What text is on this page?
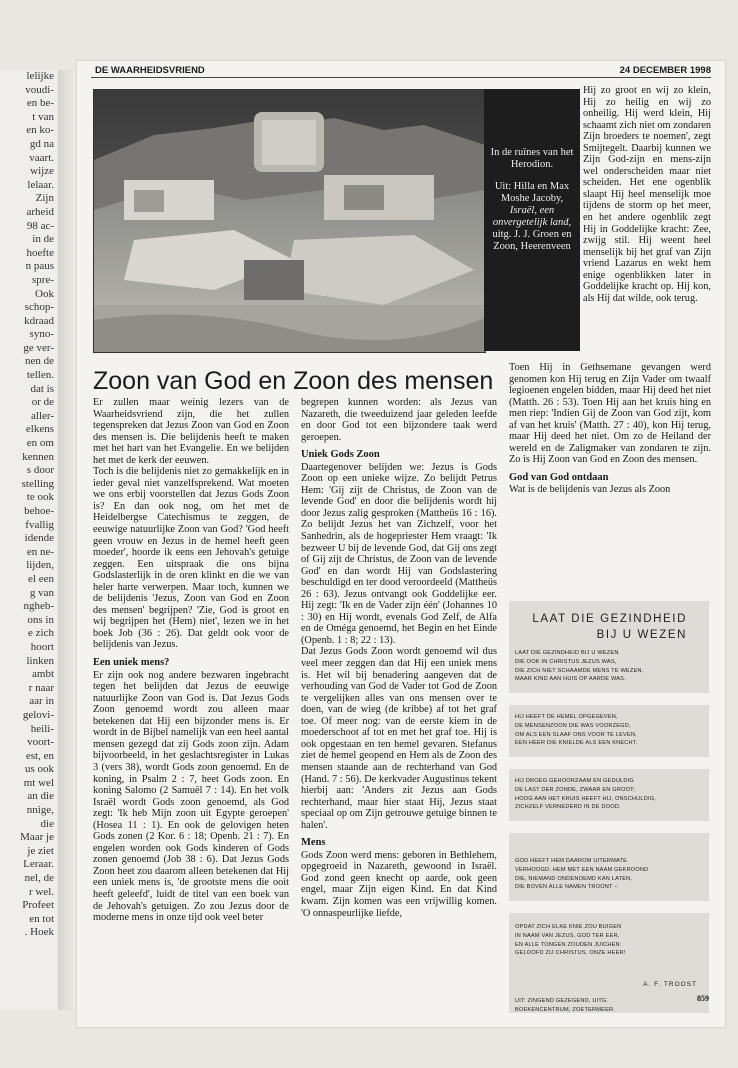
lelijke

voudi-

en be-

t van

en ko-

gd na

vaart.

wijze

lelaar.

Zijn

arheid

98 ac-

in de

hoefte

n paus

spre-

Ook

schop-

kdraad

syno-

ge ver-

nen de

tellen.

dat is

or de

aller-

elkens

en om

kennen

s door

stelling

te ook

behoe-

fvallig

idende

en ne-

lijden,

el een

g van

ngheb-

ons in

e zich

hoort

linken

ambt

r naar

aar in

gelovi-

heili-

voort-

est, en

us ook

mt wel

an die

nnige,

die

Maar je

je ziet

Leraar.

nel, de

r wel.

Profeet

en tot

. Hoek

DE WAARHEIDSVRIEND	24 DECEMBER 1998

In de ruïnes van het Herodion.

Uit: Hilla en Max Moshe Jacoby,
Israël, een onvergetelijk land,
uitg. J. J. Groen en Zoon, Heerenveen

Hij zo groot en wij zo klein, Hij zo heilig en wij zo onheilig. Hij werd klein, Hij schaamt zich niet om zondaren Zijn broeders te noemen', zegt Smijtegelt. Daarbij kunnen we Zijn God-zijn en mens-zijn wel onderscheiden maar niet scheiden. Het ene ogenblik slaapt Hij heel menselijk moe tijdens de storm op het meer, en het andere ogenblik zegt Hij in Goddelijke kracht: Zee, zwijg stil. Hij weent heel menselijk bij het graf van Zijn vriend Lazarus en wekt hem enige ogenblikken later in Goddelijke kracht op. Hij kon, als Hij dat wilde, ook terug.

Zoon van God en Zoon des mensen

Er zullen maar weinig lezers van de Waarheidsvriend zijn, die het zullen tegenspreken dat Jezus Zoon van God en Zoon des mensen is. Die belijdenis heeft te maken met het hart van het Evangelie. En we belijden het met de kerk der eeuwen.

Toch is die belijdenis niet zo gemakkelijk en in ieder geval niet vanzelfsprekend. Wat moeten we ons erbij voorstellen dat Jezus Gods Zoon is? En dan ook nog, om het met de Heidelbergse Catechismus te zeggen, de eeuwige natuurlijke Zoon van God? 'God heeft geen vrouw en Jezus in de hemel heeft geen moeder', hoorde ik eens een Jehovah's getuige zeggen. Een uitspraak die ons bijna Godslasterlijk in de oren klinkt en die we van heler harte verwerpen. Maar toch, kunnen we de belijdenis 'Jezus, Zoon van God en Zoon des mensen' begrijpen? 'Zie, God is groot en wij begrijpen het (Hem) niet', lezen we in het boek Job (36 : 26). Dat geldt ook voor de belijdenis van Jezus.

Een uniek mens?

Er zijn ook nog andere bezwaren ingebracht tegen het belijden dat Jezus de eeuwige natuurlijke Zoon van God is. Dat Jezus Gods Zoon genoemd wordt zou alleen maar betekenen dat Hij een bijzonder mens is. Er wordt in de Bijbel namelijk van een heel aantal mensen gezegd dat zij Gods zoon zijn. Adam bijvoorbeeld, in het geslachtsregister in Lukas 3 (vers 38), wordt Gods zoon genoemd. En de koning, in Psalm 2 : 7, heet Gods zoon. En koning Salomo (2 Samuël 7 : 14). En het volk Israël wordt Gods zoon genoemd, als God zegt: 'Ik heb Mijn zoon uit Egypte geroepen' (Hosea 11 : 1). En ook de gelovigen heten Gods zonen (2 Kor. 6 : 18; Openb. 21 : 7). En engelen worden ook Gods kinderen of Gods zonen genoemd (Job 38 : 6). Dat Jezus Gods Zoon heet zou daarom alleen betekenen dat Hij een uniek mens is, 'de grootste mens die ooit heeft geleefd', luidt de titel van een boek van de Jehovah's getuigen. Zo zou Jezus door de moderne mens in onze tijd ook veel beter

begrepen kunnen worden: als Jezus van Nazareth, die tweeduizend jaar geleden leefde en door God tot een bijzondere taak werd geroepen.

Uniek Gods Zoon

Daartegenover belijden we: Jezus is Gods Zoon op een unieke wijze. Zo belijdt Petrus Hem: 'Gij zijt de Christus, de Zoon van de levende God' en door die belijdenis wordt hij door Jezus zalig gesproken (Mattheüs 16 : 16). Zo belijdt Jezus het van Zichzelf, voor het Sanhedrin, als de hogepriester Hem vraagt: 'Ik bezweer U bij de levende God, dat Gij ons zegt of Gij zijt de Christus, de Zoon van de levende God' en dan wordt Hij van Godslastering beschuldigd en ter dood veroordeeld (Mattheüs 26 : 63). Jezus ontvangt ook Goddelijke eer. Hij zegt: 'Ik en de Vader zijn één' (Johannes 10 : 30) en Hij wordt, evenals God Zelf, de Alfa en de Oméga genoemd, het Begin en het Einde (Openb. 1 : 8; 22 : 13).

Dat Jezus Gods Zoon wordt genoemd wil dus veel meer zeggen dan dat Hij een uniek mens is. Het wil bij benadering aangeven dat de verhouding van God de Vader tot God de Zoon te vergelijken alles van ons mensen over te doen, van de wieg (de kribbe) af tot het graf toe. Of meer nog: van de eerste kiem in de moederschoot af tot en met het graf toe. Hij is ook opgestaan en ten hemel gevaren. Stefanus ziet de hemel geopend en Hem als de Zoon des mensen staande aan de rechterhand van God (Hand. 7 : 56). De kerkvader Augustinus tekent hierbij aan: 'Anders zit Jezus aan Gods rechterhand, maar hier staat Hij, Jezus staat speciaal op om Zijn getrouwe getuige binnen te halen'.

Mens

Gods Zoon werd mens: geboren in Bethlehem, opgegroeid in Nazareth, gewoond in Israël. God zond geen knecht op aarde, ook geen engel, maar Zijn eigen Kind. En dat Kind kwam. Zijn komen was een vrijwillig komen. 'O onnaspeurlijke liefde,

Toen Hij in Gethsemane gevangen werd genomen kon Hij terug en Zijn Vader om twaalf legioenen engelen bidden, maar Hij deed het niet (Matth. 26 : 53). Toen Hij aan het kruis hing en men riep: 'Indien Gij de Zoon van God zijt, kom af van het kruis' (Matth. 27 : 40), kon Hij terug, maar Hij deed het niet. Om zo de Heiland der wereld en de Zaligmaker van zondaren te zijn. Zo is Hij Zoon van God en Zoon des mensen.

God van God ontdaan

Wat is de belijdenis van Jezus als Zoon

LAAT DIE GEZINDHEID
BIJ U WEZEN
LAAT DIE GEZINDHEID BIJ U WEZEN
DIE OOK IN CHRISTUS JEZUS WAS,
DIE ZICH NIET SCHAAMDE MENS TE WEZEN,
MAAR KIND AAN HUIS OP AARDE WAS.
HIJ HEEFT DE HEMEL OPGEGEVEN,
DE MENSENZOON DIE WAS VOORZEGD,
OM ALS EEN SLAAF ONS VOOR TE LEVEN,
EEN HEER DIE KNIELDE ALS EEN KNECHT.
HIJ DROEG GEHOORZAAM EN GEDULDIG
DE LAST DER ZONDE, ZWAAR EN GROOT;
HOOG AAN HET KRUIS HEEFT HIJ, ONSCHULDIG,
ZICHZELF VERNEDERD IN DE DOOD.
GOD HEEFT HEM DAAROM UITERMATE
VERHOOGD. HEM MET EEN NAAM GEKROOND
DIE, NIEMAND ONDENOEMD KAN LATEN,
DIE BOVEN ALLE NAMEN TROONT –
OPDAT ZICH ELKE KNIE ZOU BUIGEN
IN NAAM VAN JEZUS, GOD TER EER,
EN ALLE TONGEN ZOUDEN JUICHEN:
GELOOFD ZIJ CHRISTUS, ONZE HEER!
A. F. TROOST
UIT: ZINGEND GEZEGEND, UITG.
BOEKENCENTRUM, ZOETERMEER.
859
